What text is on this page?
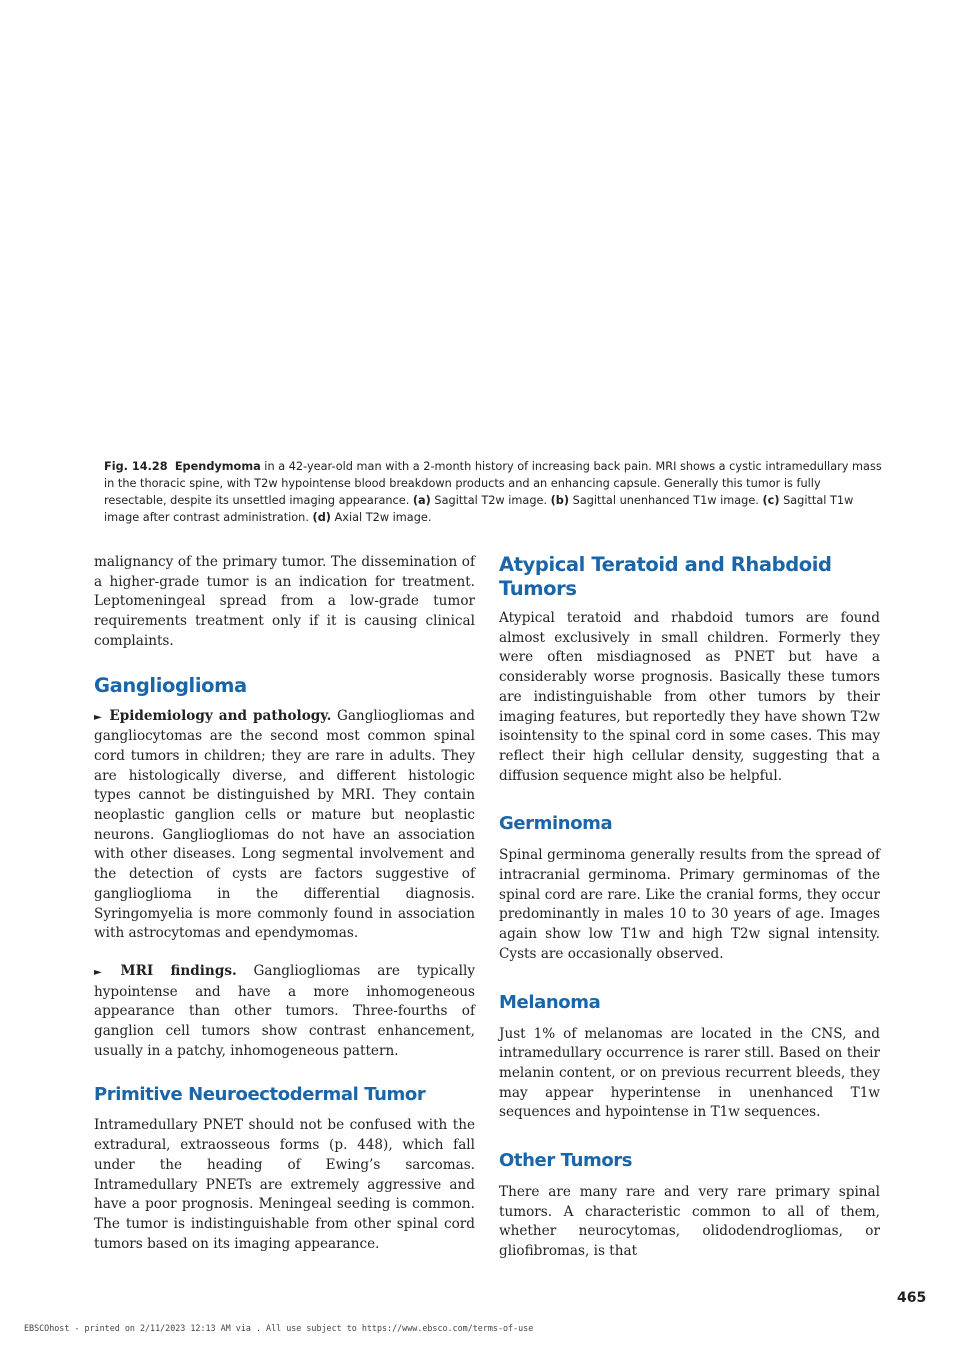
Fig. 14.28 Ependymoma in a 42-year-old man with a 2-month history of increasing back pain. MRI shows a cystic intramedullary mass in the thoracic spine, with T2w hypointense blood breakdown products and an enhancing capsule. Generally this tumor is fully resectable, despite its unsettled imaging appearance. (a) Sagittal T2w image. (b) Sagittal unenhanced T1w image. (c) Sagittal T1w image after contrast administration. (d) Axial T2w image.

malignancy of the primary tumor. The dissemination of a higher-grade tumor is an indication for treatment. Leptomeningeal spread from a low-grade tumor requirements treatment only if it is causing clinical complaints.

Ganglioglioma

► Epidemiology and pathology. Gangliogliomas and gangliocytomas are the second most common spinal cord tumors in children; they are rare in adults. They are histologically diverse, and different histologic types cannot be distinguished by MRI. They contain neoplastic ganglion cells or mature but neoplastic neurons. Gangliogliomas do not have an association with other diseases. Long segmental involvement and the detection of cysts are factors suggestive of ganglioglioma in the differential diagnosis. Syringomyelia is more commonly found in association with astrocytomas and ependymomas.

► MRI findings. Gangliogliomas are typically hypointense and have a more inhomogeneous appearance than other tumors. Three-fourths of ganglion cell tumors show contrast enhancement, usually in a patchy, inhomogeneous pattern.

Primitive Neuroectodermal Tumor

Intramedullary PNET should not be confused with the extradural, extraosseous forms (p. 448), which fall under the heading of Ewing’s sarcomas. Intramedullary PNETs are extremely aggressive and have a poor prognosis. Meningeal seeding is common. The tumor is indistinguishable from other spinal cord tumors based on its imaging appearance.

Atypical Teratoid and Rhabdoid Tumors

Atypical teratoid and rhabdoid tumors are found almost exclusively in small children. Formerly they were often misdiagnosed as PNET but have a considerably worse prognosis. Basically these tumors are indistinguishable from other tumors by their imaging features, but reportedly they have shown T2w isointensity to the spinal cord in some cases. This may reflect their high cellular density, suggesting that a diffusion sequence might also be helpful.

Germinoma

Spinal germinoma generally results from the spread of intracranial germinoma. Primary germinomas of the spinal cord are rare. Like the cranial forms, they occur predominantly in males 10 to 30 years of age. Images again show low T1w and high T2w signal intensity. Cysts are occasionally observed.

Melanoma

Just 1% of melanomas are located in the CNS, and intramedullary occurrence is rarer still. Based on their melanin content, or on previous recurrent bleeds, they may appear hyperintense in unenhanced T1w sequences and hypointense in T1w sequences.

Other Tumors

There are many rare and very rare primary spinal tumors. A characteristic common to all of them, whether neurocytomas, olidodendrogliomas, or gliofibromas, is that

465
EBSCOhost - printed on 2/11/2023 12:13 AM via . All use subject to https://www.ebsco.com/terms-of-use
